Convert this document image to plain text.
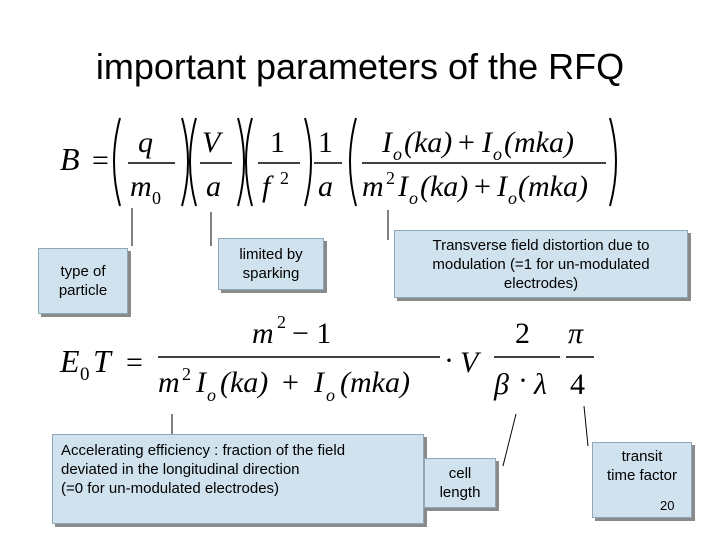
important parameters of the RFQ
B =
q
m 0
V
a
1
f 2
1
a
I o (ka) + I o (mka)
m 2 I o (ka) + I o (mka)
E 0 T =
m 2 − 1
m 2 I o (ka) + I o (mka)
· V
2
β · λ
π
4
type of
particle
limited by
sparking
Transverse field distortion due to
modulation (=1 for un-modulated
electrodes)
Accelerating efficiency : fraction of the field
deviated in the longitudinal direction
(=0 for un-modulated electrodes)
cell
length
transit
time factor
20
